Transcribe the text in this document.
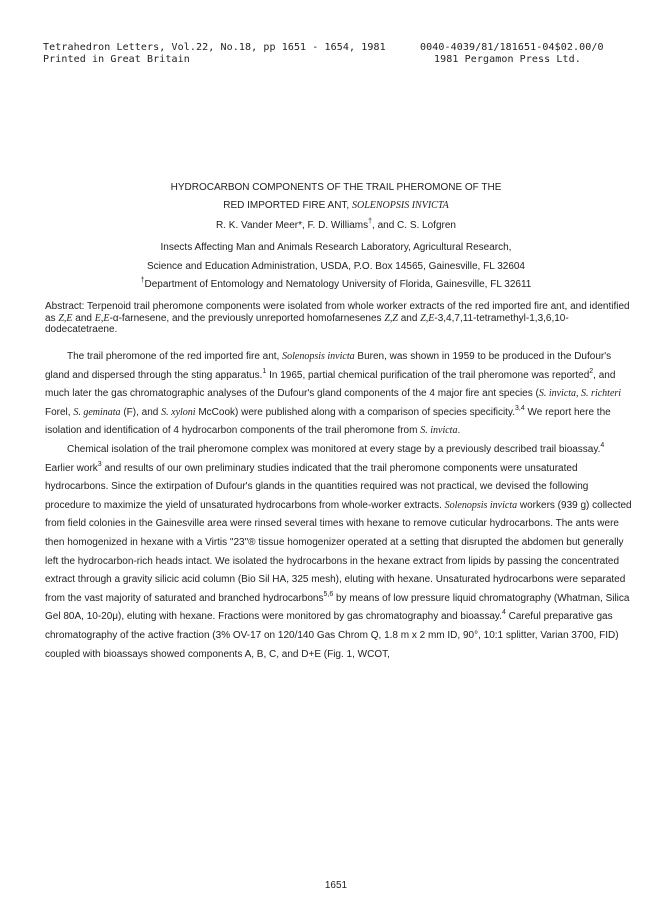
Tetrahedron Letters, Vol.22, No.18, pp 1651 - 1654, 1981
Printed in Great Britain
0040-4039/81/181651-04$02.00/0
1981 Pergamon Press Ltd.
HYDROCARBON COMPONENTS OF THE TRAIL PHEROMONE OF THE
RED IMPORTED FIRE ANT, SOLENOPSIS INVICTA
R. K. Vander Meer*, F. D. Williams†, and C. S. Lofgren
Insects Affecting Man and Animals Research Laboratory, Agricultural Research,
Science and Education Administration, USDA, P.O. Box 14565, Gainesville, FL 32604
†Department of Entomology and Nematology University of Florida, Gainesville, FL 32611
Abstract: Terpenoid trail pheromone components were isolated from whole worker extracts of the red imported fire ant, and identified as Z,E and E,E-α-farnesene, and the previously unreported homofarnesenes Z,Z and Z,E-3,4,7,11-tetramethyl-1,3,6,10-dodecatetraene.

The trail pheromone of the red imported fire ant, Solenopsis invicta Buren, was shown in 1959 to be produced in the Dufour's gland and dispersed through the sting apparatus.$^1$ In 1965, partial chemical purification of the trail pheromone was reported$^2$, and much later the gas chromatographic analyses of the Dufour's gland components of the 4 major fire ant species (S. invicta, S. richteri Forel, S. geminata (F), and S. xyloni McCook) were published along with a comparison of species specificity.$^{3,4}$ We report here the isolation and identification of 4 hydrocarbon components of the trail pheromone from S. invicta.

Chemical isolation of the trail pheromone complex was monitored at every stage by a previously described trail bioassay.$^4$ Earlier work$^3$ and results of our own preliminary studies indicated that the trail pheromone components were unsaturated hydrocarbons. Since the extirpation of Dufour's glands in the quantities required was not practical, we devised the following procedure to maximize the yield of unsaturated hydrocarbons from whole-worker extracts. Solenopsis invicta workers (939 g) collected from field colonies in the Gainesville area were rinsed several times with hexane to remove cuticular hydrocarbons. The ants were then homogenized in hexane with a Virtis "23"® tissue homogenizer operated at a setting that disrupted the abdomen but generally left the hydrocarbon-rich heads intact. We isolated the hydrocarbons in the hexane extract from lipids by passing the concentrated extract through a gravity silicic acid column (Bio Sil HA, 325 mesh), eluting with hexane. Unsaturated hydrocarbons were separated from the vast majority of saturated and branched hydrocarbons$^{5,6}$ by means of low pressure liquid chromatography (Whatman, Silica Gel 80A, 10-20μ), eluting with hexane. Fractions were monitored by gas chromatography and bioassay.$^4$ Careful preparative gas chromatography of the active fraction (3% OV-17 on 120/140 Gas Chrom Q, 1.8 m x 2 mm ID, 90°, 10:1 splitter, Varian 3700, FID) coupled with bioassays showed components A, B, C, and D+E (Fig. 1, WCOT,

1651
